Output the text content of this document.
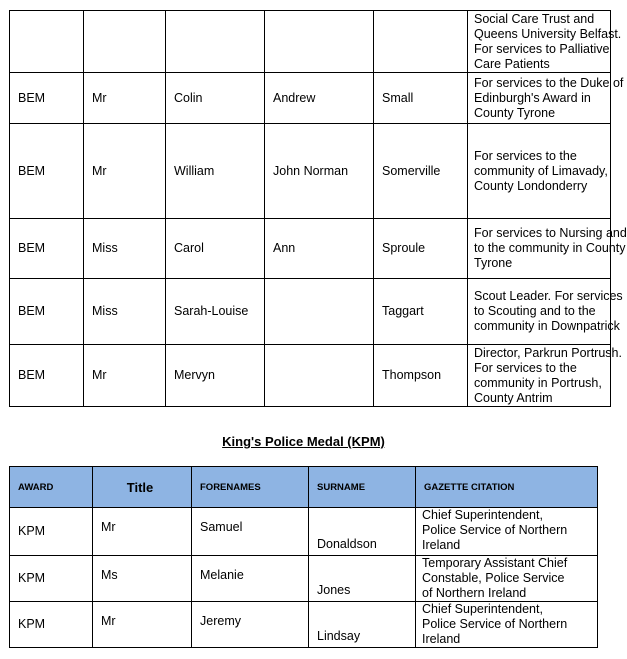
					Social Care Trust and
Queens University Belfast.
For services to Palliative
Care Patients

BEM	Mr	Colin	Andrew	Small	For services to the Duke of
Edinburgh's Award in
County Tyrone

BEM	Mr	William	John Norman	Somerville	For services to the
community of Limavady,
County Londonderry

BEM	Miss	Carol	Ann	Sproule	For services to Nursing and
to the community in County
Tyrone

BEM	Miss	Sarah-Louise		Taggart	Scout Leader. For services
to Scouting and to the
community in Downpatrick

BEM	Mr	Mervyn		Thompson	Director, Parkrun Portrush.
For services to the
community in Portrush,
County Antrim
King's Police Medal (KPM)
AWARD	Title	FORENAMES	SURNAME	GAZETTE CITATION
KPM	Mr	Samuel	Donaldson	Chief Superintendent,
Police Service of Northern
Ireland

KPM	Ms	Melanie	Jones	Temporary Assistant Chief
Constable, Police Service
of Northern Ireland

KPM	Mr	Jeremy	Lindsay	Chief Superintendent,
Police Service of Northern
Ireland
